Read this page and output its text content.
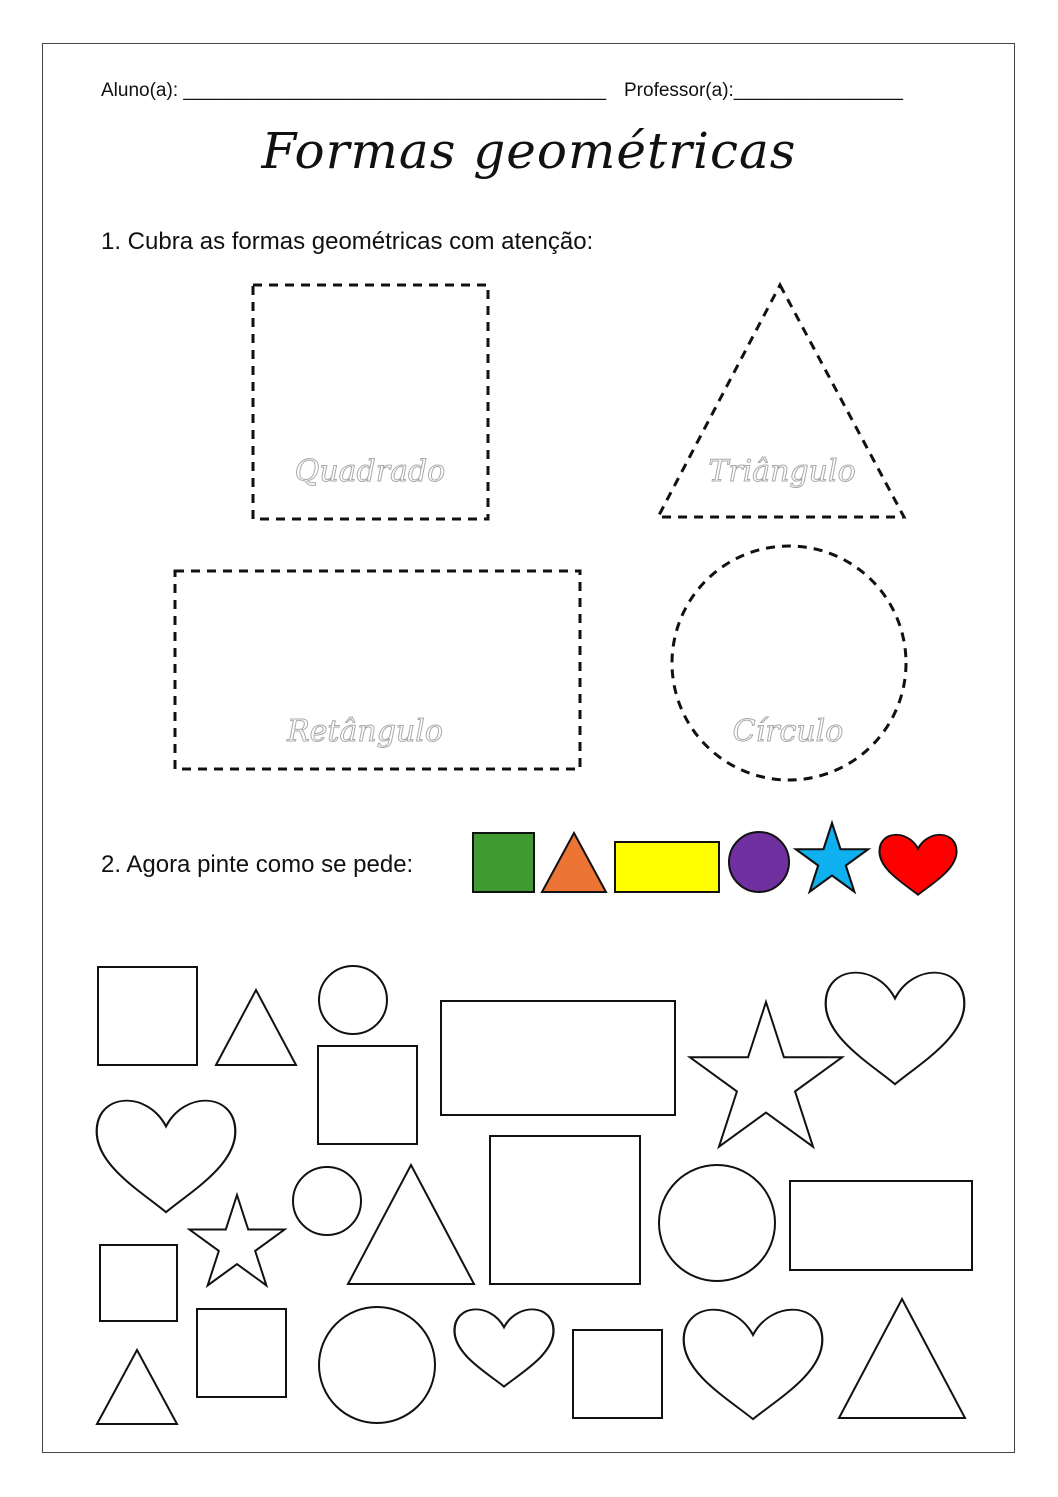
Aluno(a): ________________________________________ Professor(a):________________
Formas geométricas
1. Cubra as formas geométricas com atenção:
2. Agora pinte como se pede:
Quadrado	Triângulo
Retângulo	Círculo
